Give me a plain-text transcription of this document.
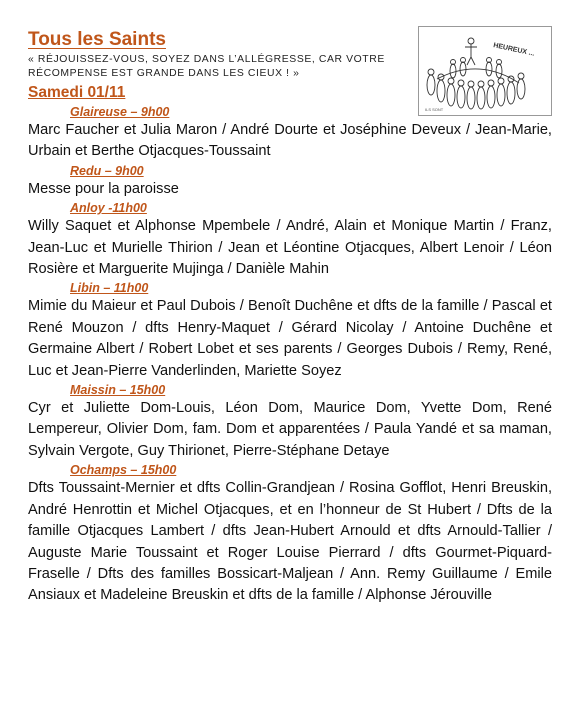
Tous les Saints
« RÉJOUISSEZ-VOUS, SOYEZ DANS L’ALLÉGRESSE, CAR VOTRE RÉCOMPENSE EST GRANDE DANS LES CIEUX ! »
Samedi 01/11
HEUREUX ...
ILS SONT
Glaireuse – 9h00

Marc Faucher et Julia Maron / André Dourte et Joséphine Deveux / Jean-Marie, Urbain et Berthe Otjacques-Toussaint

Redu – 9h00

Messe pour la paroisse

Anloy -11h00

Willy Saquet et Alphonse Mpembele / André, Alain et Monique Martin / Franz, Jean-Luc et Murielle Thirion / Jean et Léontine Otjacques, Albert Lenoir / Léon Rosière et Marguerite Mujinga / Danièle Mahin

Libin – 11h00

Mimie du Maieur et Paul Dubois / Benoît Duchêne et dfts de la famille / Pascal et René Mouzon / dfts Henry-Maquet / Gérard Nicolay / Antoine Duchêne et Germaine Albert / Robert Lobet et ses parents / Georges Dubois / Remy, René, Luc et Jean-Pierre Vanderlinden, Mariette Soyez

Maissin – 15h00

Cyr et Juliette Dom-Louis, Léon Dom, Maurice Dom, Yvette Dom, René Lempereur, Olivier Dom, fam. Dom et apparentées / Paula Yandé et sa maman, Sylvain Vergote, Guy Thirionet, Pierre-Stéphane Detaye

Ochamps – 15h00

Dfts Toussaint-Mernier et dfts Collin-Grandjean / Rosina Gofflot, Henri Breuskin, André Henrottin et Michel Otjacques, et en l’honneur de St Hubert / Dfts de la famille Otjacques Lambert / dfts Jean-Hubert Arnould et dfts Arnould-Tallier / Auguste Marie Toussaint et Roger Louise Pierrard / dfts Gourmet-Piquard-Fraselle / Dfts des familles Bossicart-Maljean / Ann. Remy Guillaume / Emile Ansiaux et Madeleine Breuskin et dfts de la famille / Alphonse Jérouville
